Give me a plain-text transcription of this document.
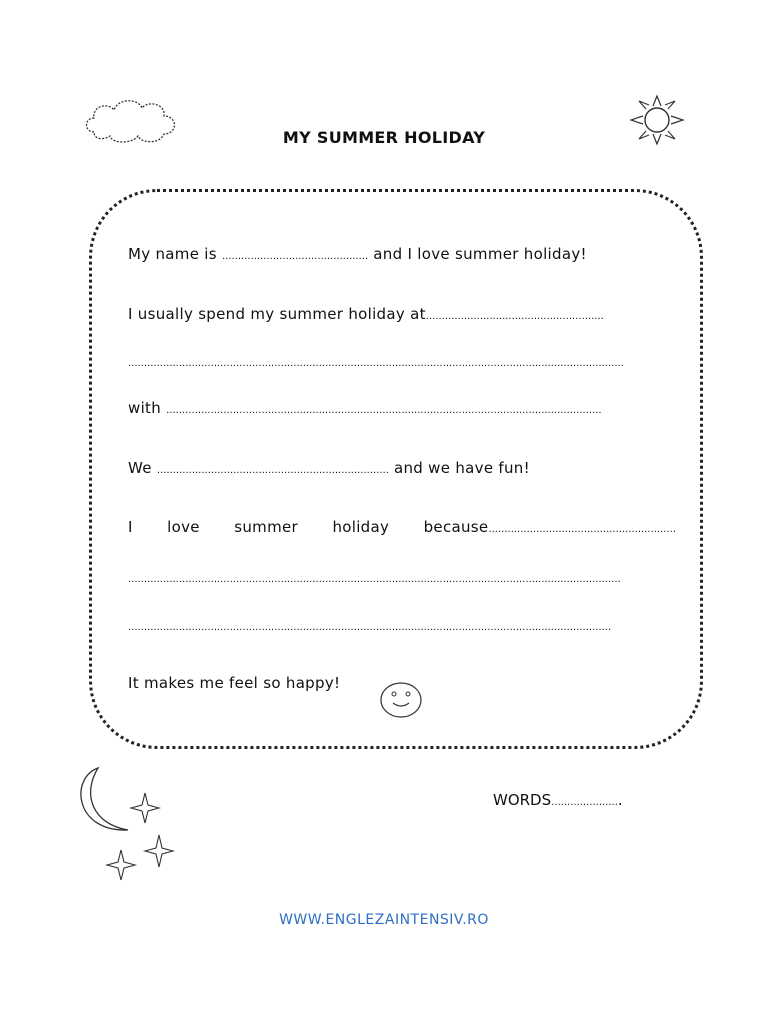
MY SUMMER HOLIDAY
My name is .............................................. and I love summer holiday!
I usually spend my summer holiday at........................................................
............................................................................................................................................................
with .........................................................................................................................................
We ......................................................................... and we have fun!
I love summer holiday because...........................................................
...........................................................................................................................................................
........................................................................................................................................................
It makes me feel so happy!
WORDS......................
WWW.ENGLEZAINTENSIV.RO
